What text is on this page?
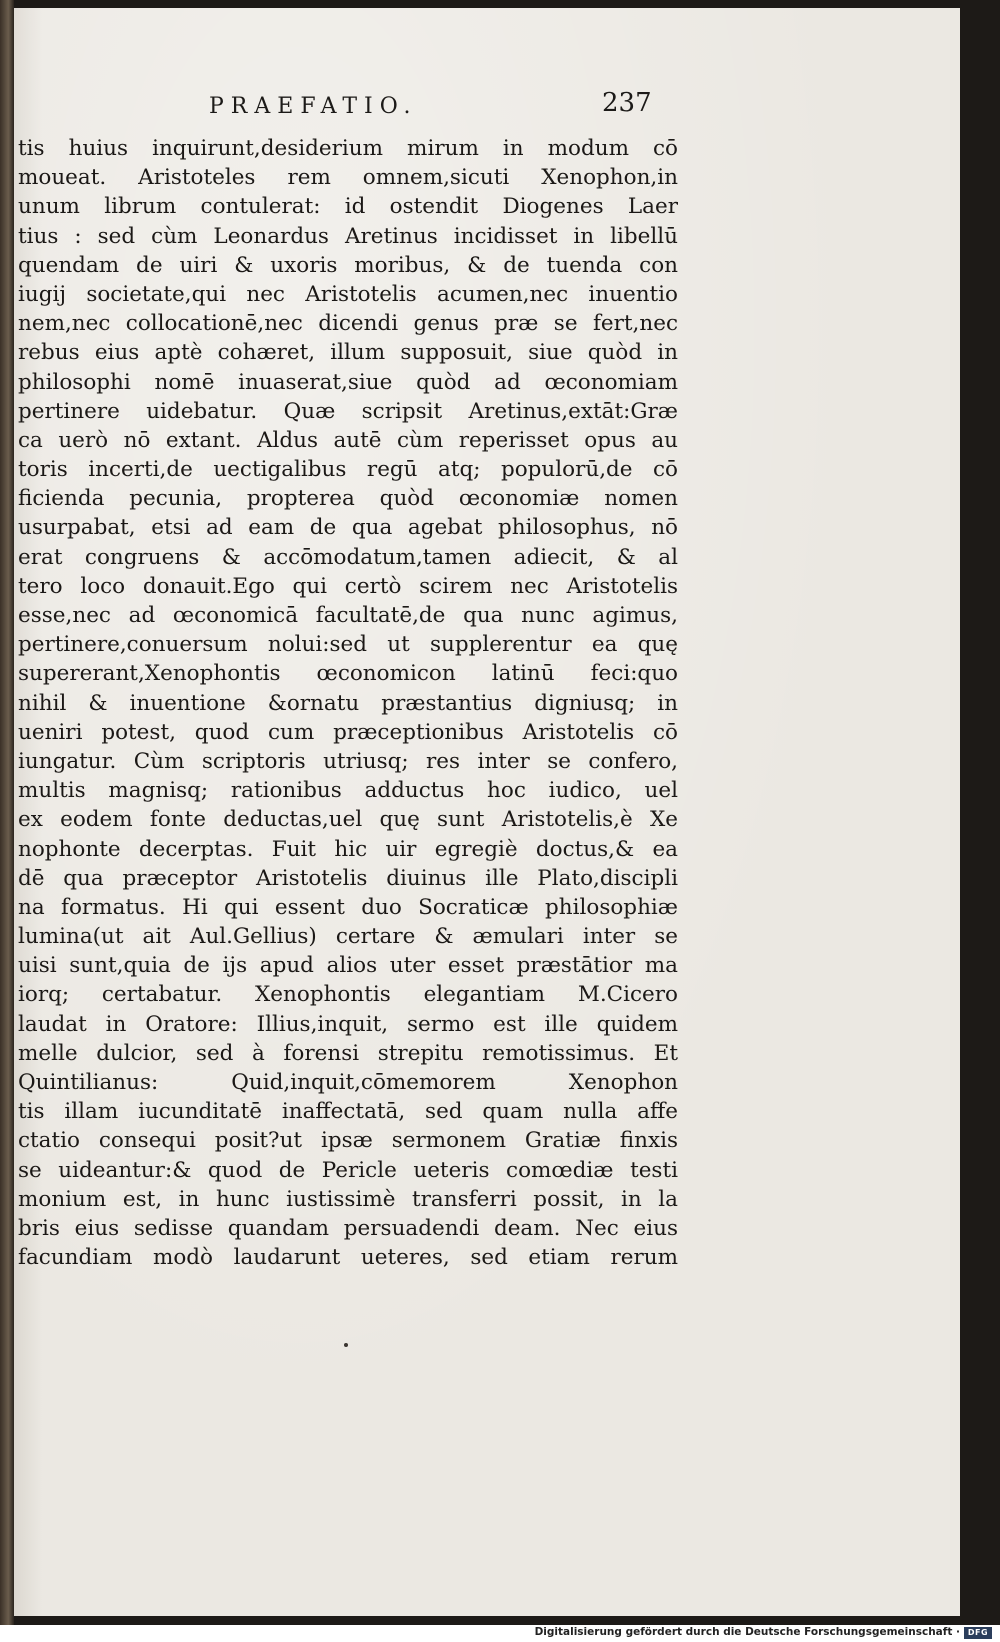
PRAEFATIO.	237
tis huius inquirunt,desiderium mirum in modum cō
moueat. Aristoteles rem omnem,sicuti Xenophon,in
unum librum contulerat: id ostendit Diogenes Laer
tius : sed cùm Leonardus Aretinus incidisset in libellū
quendam de uiri & uxoris moribus, & de tuenda con
iugij societate,qui nec Aristotelis acumen,nec inuentio
nem,nec collocationē,nec dicendi genus præ se fert,nec
rebus eius aptè cohæret, illum supposuit, siue quòd in
philosophi nomē inuaserat,siue quòd ad œconomiam
pertinere uidebatur. Quæ scripsit Aretinus,extāt:Græ
ca uerò nō extant. Aldus autē cùm reperisset opus au
toris incerti,de uectigalibus regū atq; populorū,de cō
ficienda pecunia, propterea quòd œconomiæ nomen
usurpabat, etsi ad eam de qua agebat philosophus, nō
erat congruens & accōmodatum,tamen adiecit, & al
tero loco donauit.Ego qui certò scirem nec Aristotelis
esse,nec ad œconomicā facultatē,de qua nunc agimus,
pertinere,conuersum nolui:sed ut supplerentur ea quę
supererant,Xenophontis œconomicon latinū feci:quo
nihil & inuentione &ornatu præstantius digniusq; in
ueniri potest, quod cum præceptionibus Aristotelis cō
iungatur. Cùm scriptoris utriusq; res inter se confero,
multis magnisq; rationibus adductus hoc iudico, uel
ex eodem fonte deductas,uel quę sunt Aristotelis,è Xe
nophonte decerptas. Fuit hic uir egregiè doctus,& ea
dē qua præceptor Aristotelis diuinus ille Plato,discipli
na formatus. Hi qui essent duo Socraticæ philosophiæ
lumina(ut ait Aul.Gellius) certare & æmulari inter se
uisi sunt,quia de ijs apud alios uter esset præstātior ma
iorq; certabatur. Xenophontis elegantiam M.Cicero
laudat in Oratore: Illius,inquit, sermo est ille quidem
melle dulcior, sed à forensi strepitu remotissimus. Et
Quintilianus: Quid,inquit,cōmemorem Xenophon
tis illam iucunditatē inaffectatā, sed quam nulla affe
ctatio consequi posit?ut ipsæ sermonem Gratiæ finxis
se uideantur:& quod de Pericle ueteris comœdiæ testi
monium est, in hunc iustissimè transferri possit, in la
bris eius sedisse quandam persuadendi deam. Nec eius
facundiam modò laudarunt ueteres, sed etiam rerum
Digitalisierung gefördert durch die Deutsche Forschungsgemeinschaft · DFG
